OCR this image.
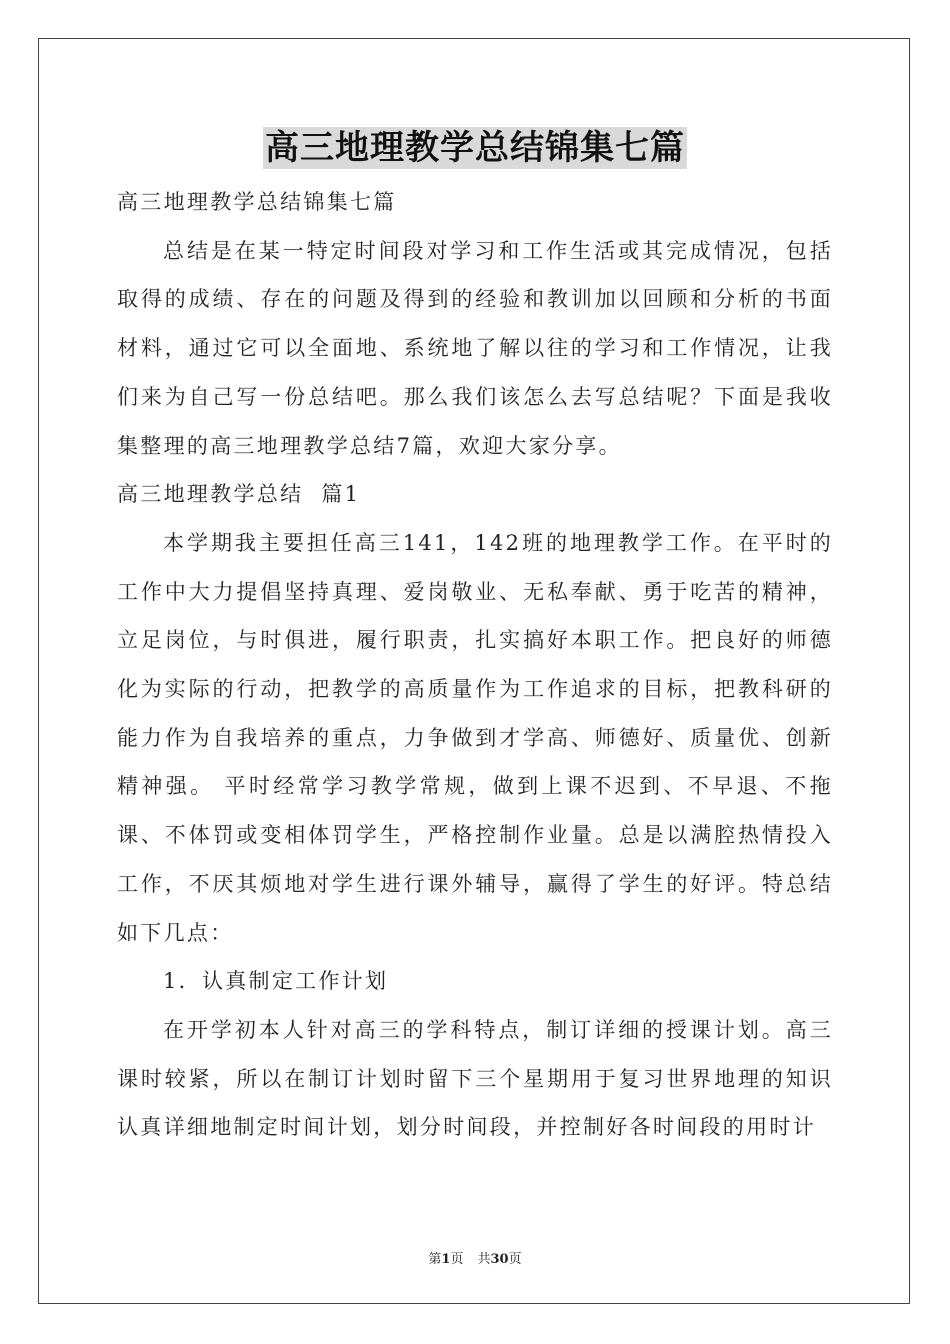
高三地理教学总结锦集七篇

高三地理教学总结锦集七篇

总结是在某一特定时间段对学习和工作生活或其完成情况，包括取得的成绩、存在的问题及得到的经验和教训加以回顾和分析的书面材料，通过它可以全面地、系统地了解以往的学习和工作情况，让我们来为自己写一份总结吧。那么我们该怎么去写总结呢？下面是我收集整理的高三地理教学总结7篇，欢迎大家分享。

高三地理教学总结  篇1

本学期我主要担任高三141，142班的地理教学工作。在平时的工作中大力提倡坚持真理、爱岗敬业、无私奉献、勇于吃苦的精神，立足岗位，与时俱进，履行职责，扎实搞好本职工作。把良好的师德化为实际的行动，把教学的高质量作为工作追求的目标，把教科研的能力作为自我培养的重点，力争做到才学高、师德好、质量优、创新精神强。 平时经常学习教学常规，做到上课不迟到、不早退、不拖课、不体罚或变相体罚学生，严格控制作业量。总是以满腔热情投入工作，不厌其烦地对学生进行课外辅导，赢得了学生的好评。特总结如下几点：

1．认真制定工作计划

在开学初本人针对高三的学科特点，制订详细的授课计划。高三课时较紧，所以在制订计划时留下三个星期用于复习世界地理的知识认真详细地制定时间计划，划分时间段，并控制好各时间段的用时计

第1页 共30页
